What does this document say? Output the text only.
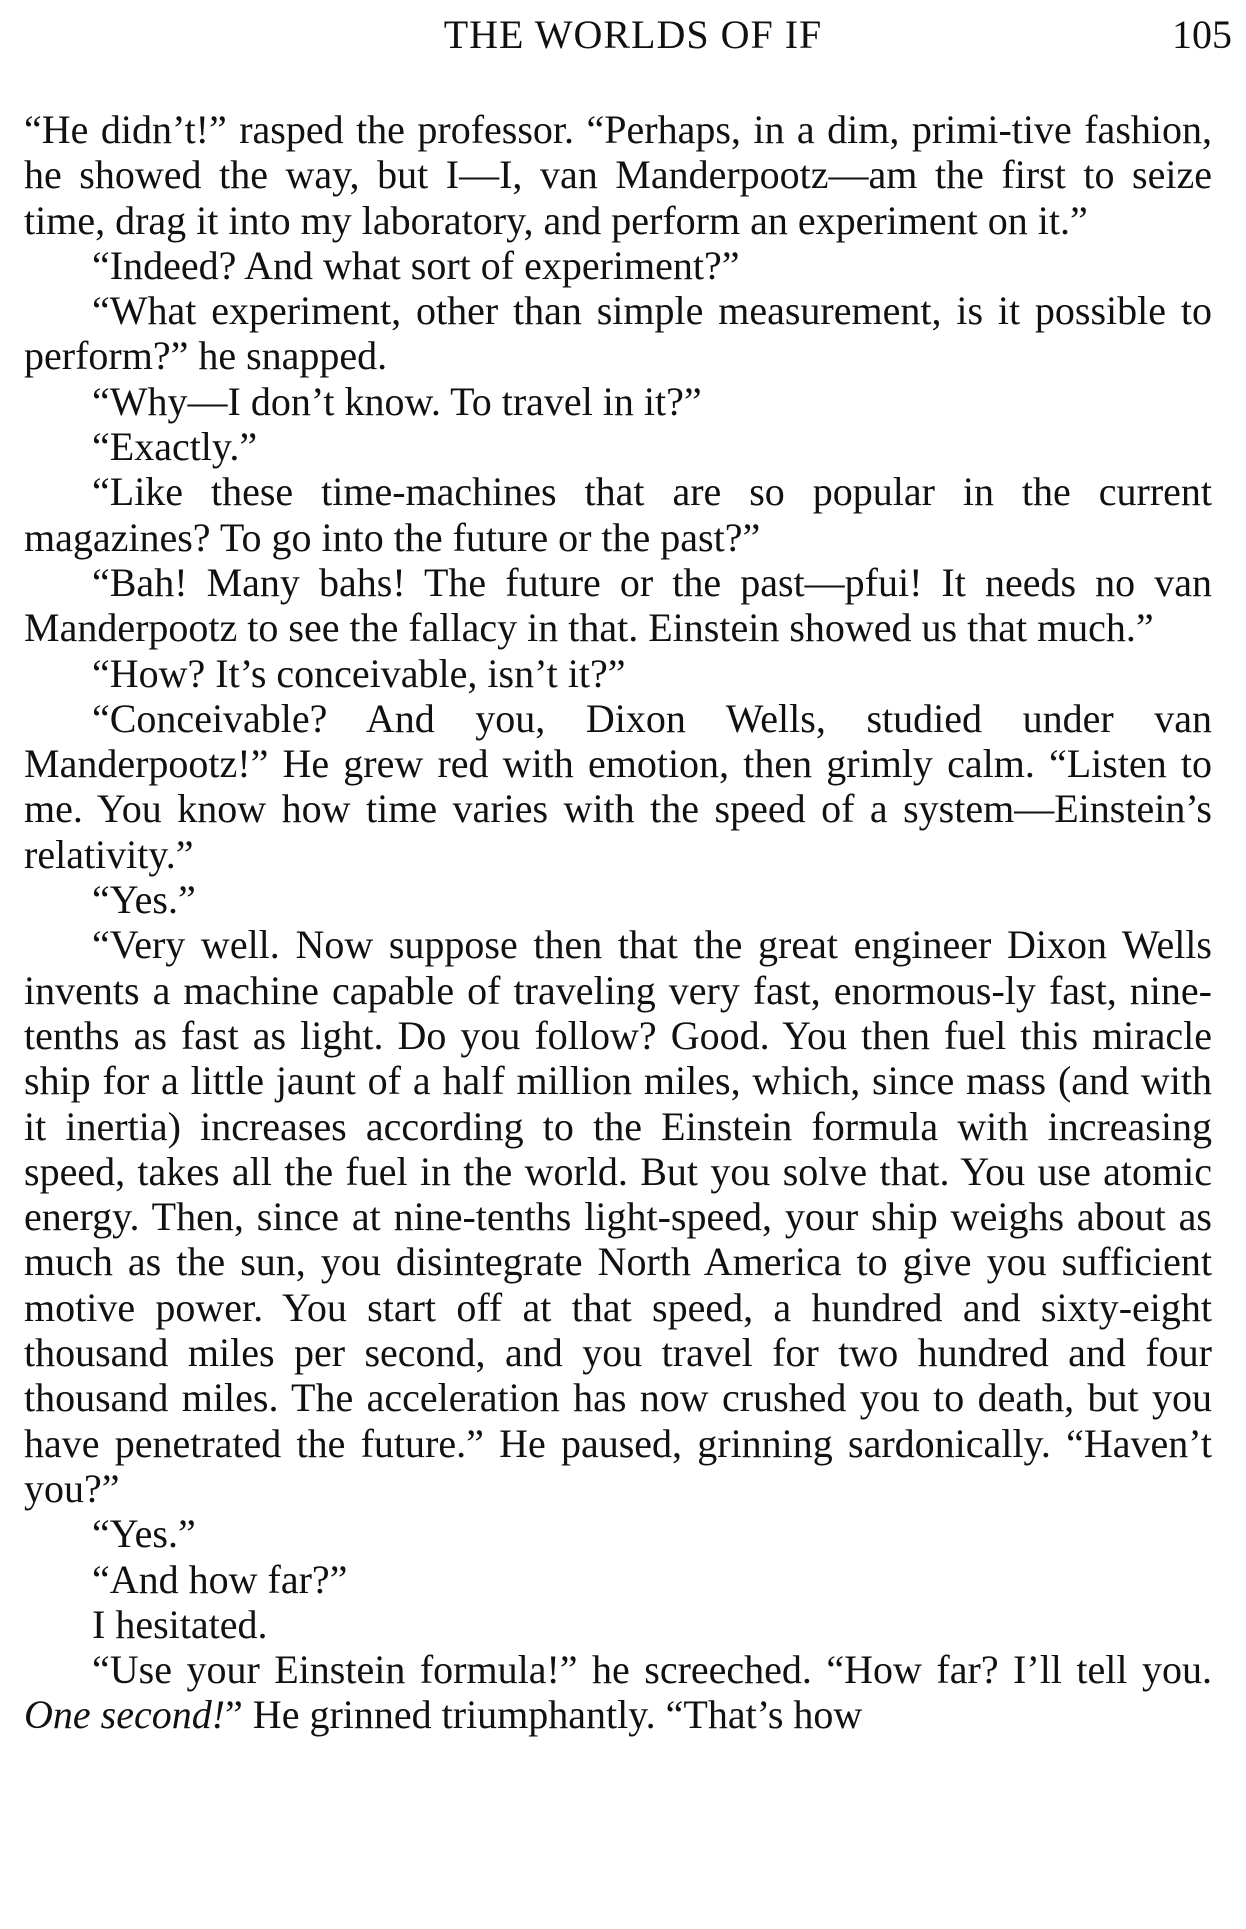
THE WORLDS OF IF	105

“He didn’t!” rasped the professor. “Perhaps, in a dim, primi-tive fashion, he showed the way, but I—I, van Manderpootz—am the first to seize time, drag it into my laboratory, and perform an experiment on it.”

“Indeed? And what sort of experiment?”

“What experiment, other than simple measurement, is it possible to perform?” he snapped.

“Why—I don’t know. To travel in it?”

“Exactly.”

“Like these time-machines that are so popular in the current magazines? To go into the future or the past?”

“Bah! Many bahs! The future or the past—pfui! It needs no van Manderpootz to see the fallacy in that. Einstein showed us that much.”

“How? It’s conceivable, isn’t it?”

“Conceivable? And you, Dixon Wells, studied under van Manderpootz!” He grew red with emotion, then grimly calm. “Listen to me. You know how time varies with the speed of a system—Einstein’s relativity.”

“Yes.”

“Very well. Now suppose then that the great engineer Dixon Wells invents a machine capable of traveling very fast, enormous-ly fast, nine-tenths as fast as light. Do you follow? Good. You then fuel this miracle ship for a little jaunt of a half million miles, which, since mass (and with it inertia) increases according to the Einstein formula with increasing speed, takes all the fuel in the world. But you solve that. You use atomic energy. Then, since at nine-tenths light-speed, your ship weighs about as much as the sun, you disintegrate North America to give you sufficient motive power. You start off at that speed, a hundred and sixty-eight thousand miles per second, and you travel for two hundred and four thousand miles. The acceleration has now crushed you to death, but you have penetrated the future.” He paused, grinning sardonically. “Haven’t you?”

“Yes.”

“And how far?”

I hesitated.

“Use your Einstein formula!” he screeched. “How far? I’ll tell you. One second!” He grinned triumphantly. “That’s how
